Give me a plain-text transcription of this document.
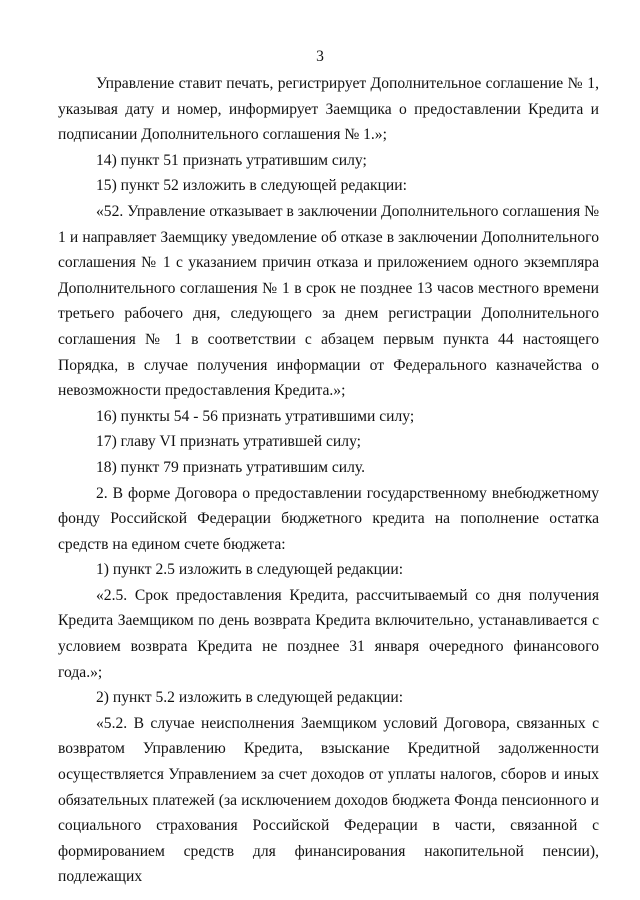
3

Управление ставит печать, регистрирует Дополнительное соглашение № 1, указывая дату и номер, информирует Заемщика о предоставлении Кредита и подписании Дополнительного соглашения № 1.»;

14) пункт 51 признать утратившим силу;

15) пункт 52 изложить в следующей редакции:

«52. Управление отказывает в заключении Дополнительного соглашения № 1 и направляет Заемщику уведомление об отказе в заключении Дополнительного соглашения № 1 с указанием причин отказа и приложением одного экземпляра Дополнительного соглашения № 1 в срок не позднее 13 часов местного времени третьего рабочего дня, следующего за днем регистрации Дополнительного соглашения № 1 в соответствии с абзацем первым пункта 44 настоящего Порядка, в случае получения информации от Федерального казначейства о невозможности предоставления Кредита.»;

16) пункты 54 - 56 признать утратившими силу;

17) главу VI признать утратившей силу;

18) пункт 79 признать утратившим силу.

2. В форме Договора о предоставлении государственному внебюджетному фонду Российской Федерации бюджетного кредита на пополнение остатка средств на едином счете бюджета:

1) пункт 2.5 изложить в следующей редакции:

«2.5. Срок предоставления Кредита, рассчитываемый со дня получения Кредита Заемщиком по день возврата Кредита включительно, устанавливается с условием возврата Кредита не позднее 31 января очередного финансового года.»;

2) пункт 5.2 изложить в следующей редакции:

«5.2. В случае неисполнения Заемщиком условий Договора, связанных с возвратом Управлению Кредита, взыскание Кредитной задолженности осуществляется Управлением за счет доходов от уплаты налогов, сборов и иных обязательных платежей (за исключением доходов бюджета Фонда пенсионного и социального страхования Российской Федерации в части, связанной с формированием средств для финансирования накопительной пенсии), подлежащих
